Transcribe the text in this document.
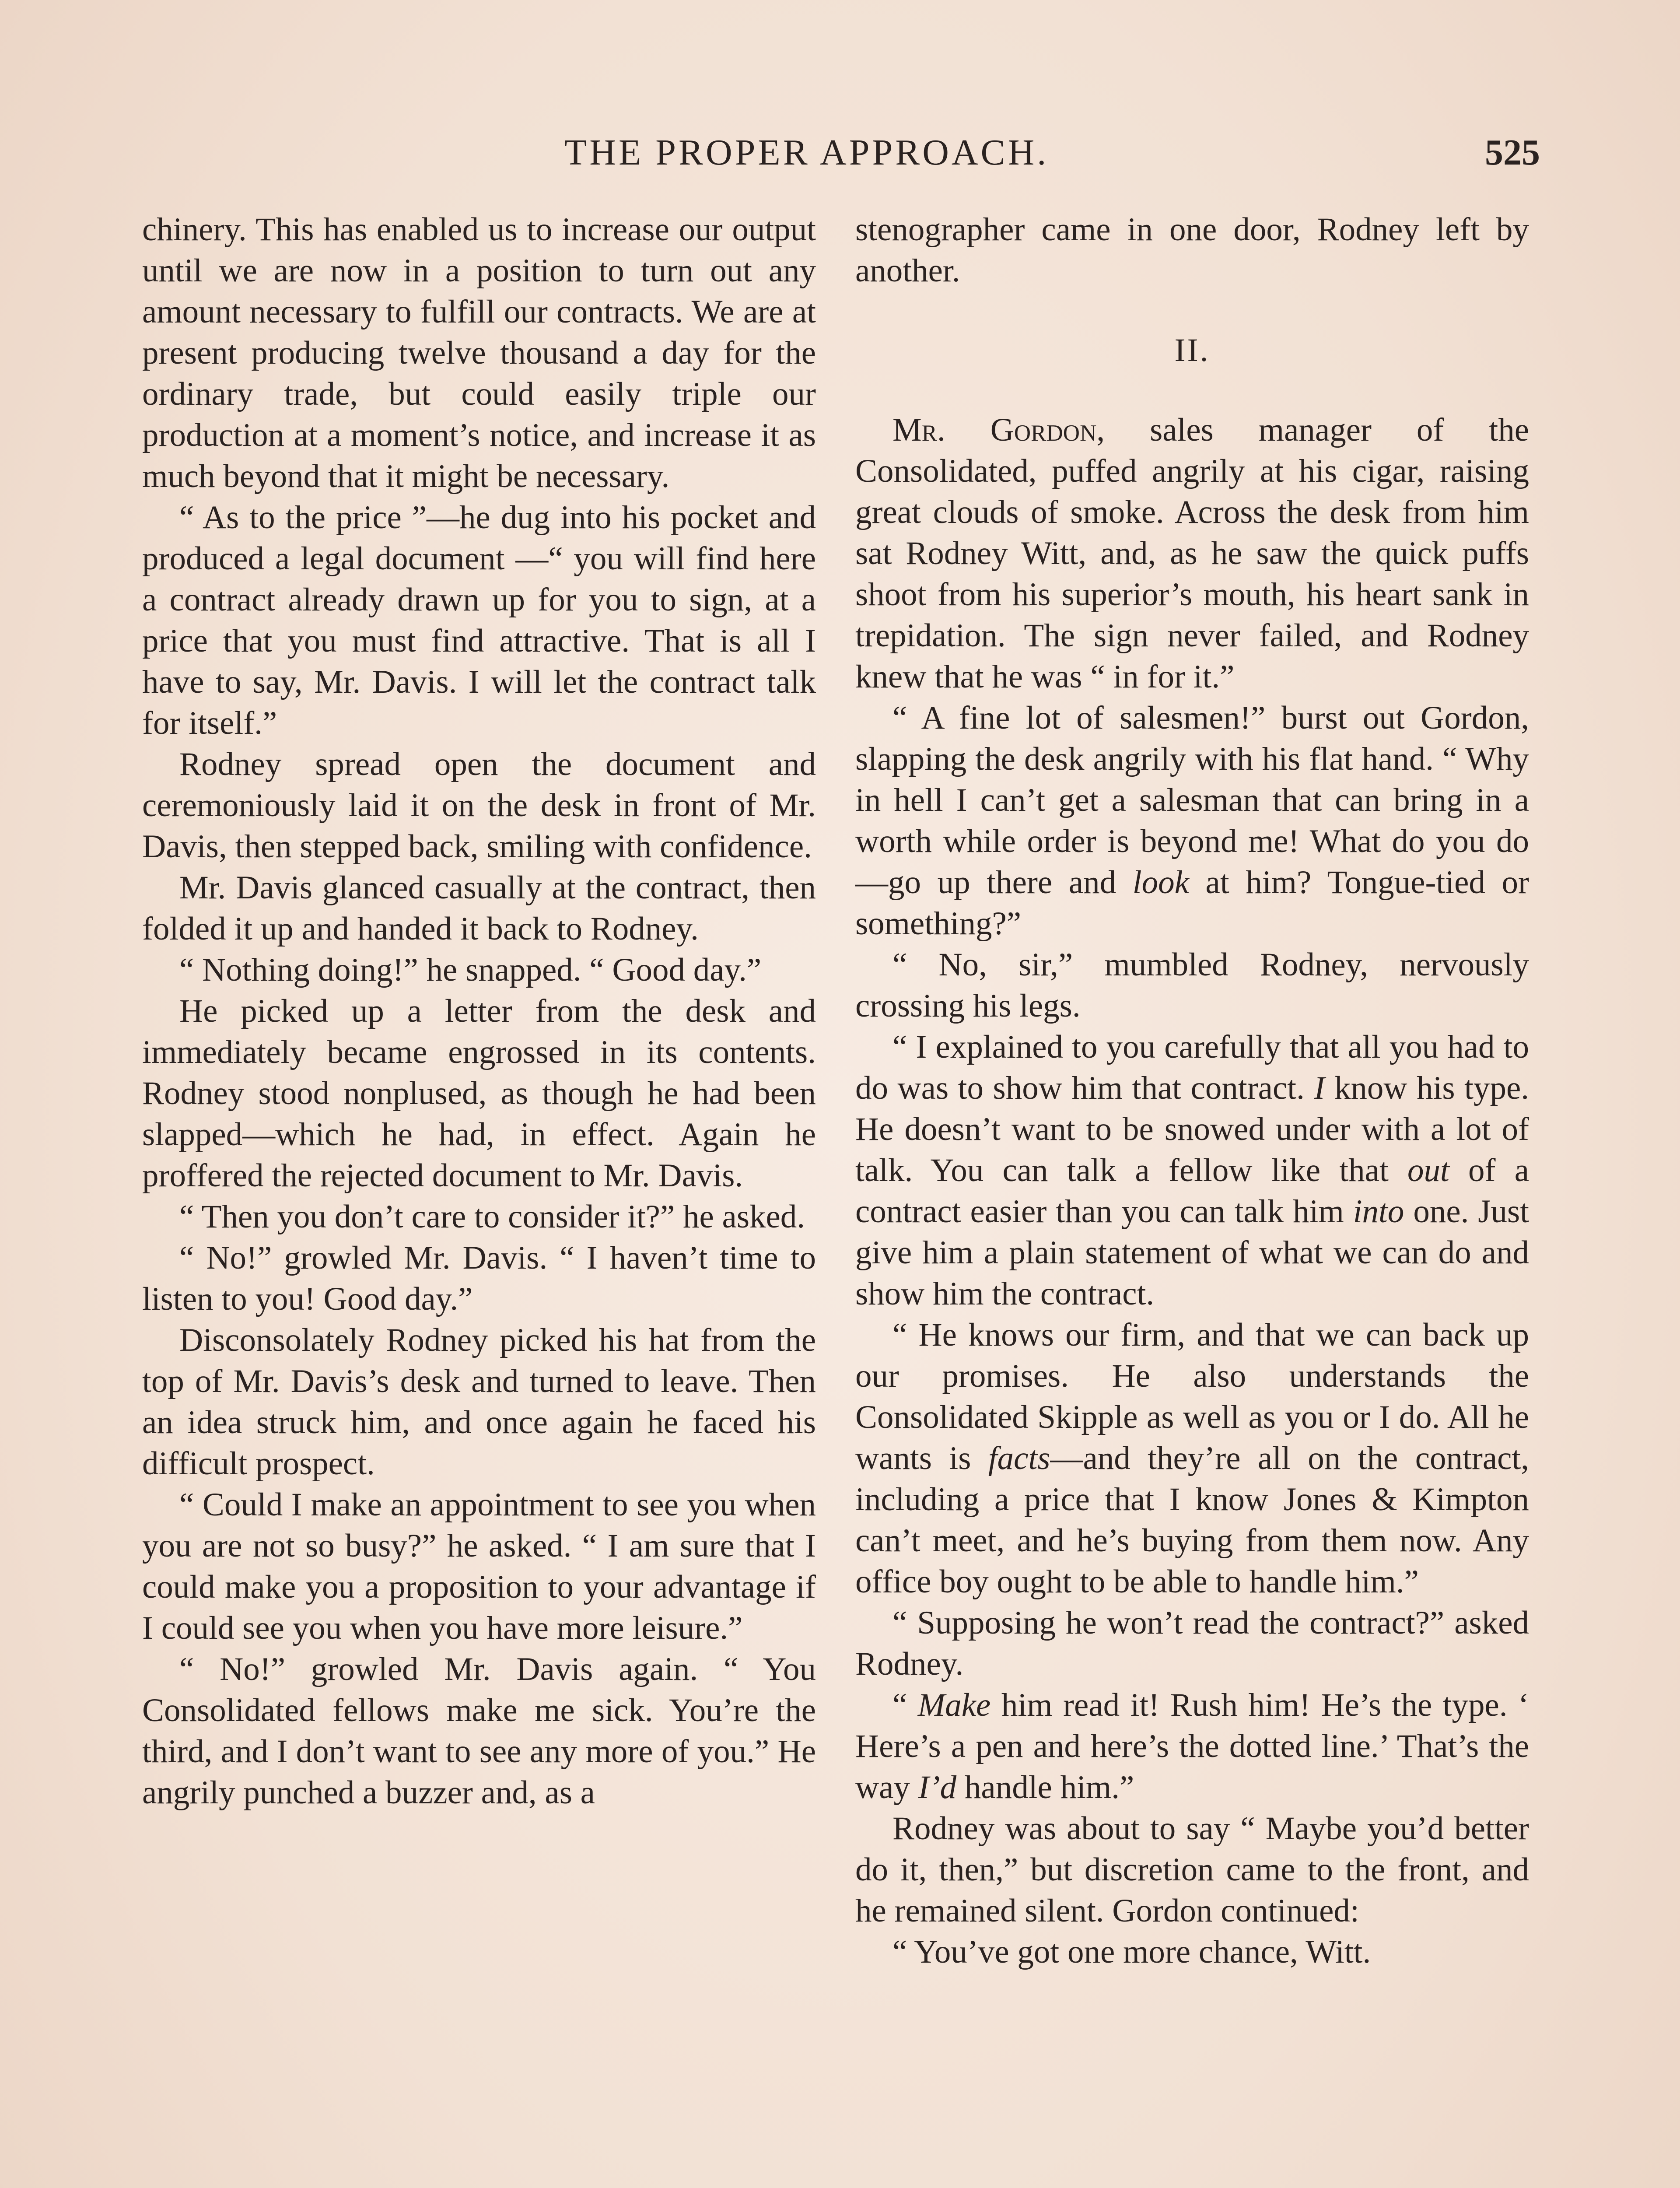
THE PROPER APPROACH.	525

chinery. This has enabled us to increase our output until we are now in a position to turn out any amount necessary to fulfill our contracts. We are at present producing twelve thousand a day for the ordinary trade, but could easily triple our production at a moment’s notice, and increase it as much beyond that it might be necessary.

“ As to the price ”—he dug into his pocket and produced a legal document —“ you will find here a contract already drawn up for you to sign, at a price that you must find attractive. That is all I have to say, Mr. Davis. I will let the contract talk for itself.”

Rodney spread open the document and ceremoniously laid it on the desk in front of Mr. Davis, then stepped back, smiling with confidence.

Mr. Davis glanced casually at the contract, then folded it up and handed it back to Rodney.

“ Nothing doing!” he snapped. “ Good day.”

He picked up a letter from the desk and immediately became engrossed in its contents. Rodney stood nonplused, as though he had been slapped—which he had, in effect. Again he proffered the rejected document to Mr. Davis.

“ Then you don’t care to consider it?” he asked.

“ No!” growled Mr. Davis. “ I haven’t time to listen to you! Good day.”

Disconsolately Rodney picked his hat from the top of Mr. Davis’s desk and turned to leave. Then an idea struck him, and once again he faced his difficult prospect.

“ Could I make an appointment to see you when you are not so busy?” he asked. “ I am sure that I could make you a proposition to your advantage if I could see you when you have more leisure.”

“ No!” growled Mr. Davis again. “ You Consolidated fellows make me sick. You’re the third, and I don’t want to see any more of you.” He angrily punched a buzzer and, as a

stenographer came in one door, Rodney left by another.

II.

Mr. Gordon, sales manager of the Consolidated, puffed angrily at his cigar, raising great clouds of smoke. Across the desk from him sat Rodney Witt, and, as he saw the quick puffs shoot from his superior’s mouth, his heart sank in trepidation. The sign never failed, and Rodney knew that he was “ in for it.”

“ A fine lot of salesmen!” burst out Gordon, slapping the desk angrily with his flat hand. “ Why in hell I can’t get a salesman that can bring in a worth while order is beyond me! What do you do—go up there and look at him? Tongue-tied or something?”

“ No, sir,” mumbled Rodney, nervously crossing his legs.

“ I explained to you carefully that all you had to do was to show him that contract. I know his type. He doesn’t want to be snowed under with a lot of talk. You can talk a fellow like that out of a contract easier than you can talk him into one. Just give him a plain statement of what we can do and show him the contract.

“ He knows our firm, and that we can back up our promises. He also understands the Consolidated Skipple as well as you or I do. All he wants is facts—and they’re all on the contract, including a price that I know Jones & Kimpton can’t meet, and he’s buying from them now. Any office boy ought to be able to handle him.”

“ Supposing he won’t read the contract?” asked Rodney.

“ Make him read it! Rush him! He’s the type. ‘ Here’s a pen and here’s the dotted line.’ That’s the way I’d handle him.”

Rodney was about to say “ Maybe you’d better do it, then,” but discretion came to the front, and he remained silent. Gordon continued:

“ You’ve got one more chance, Witt.
